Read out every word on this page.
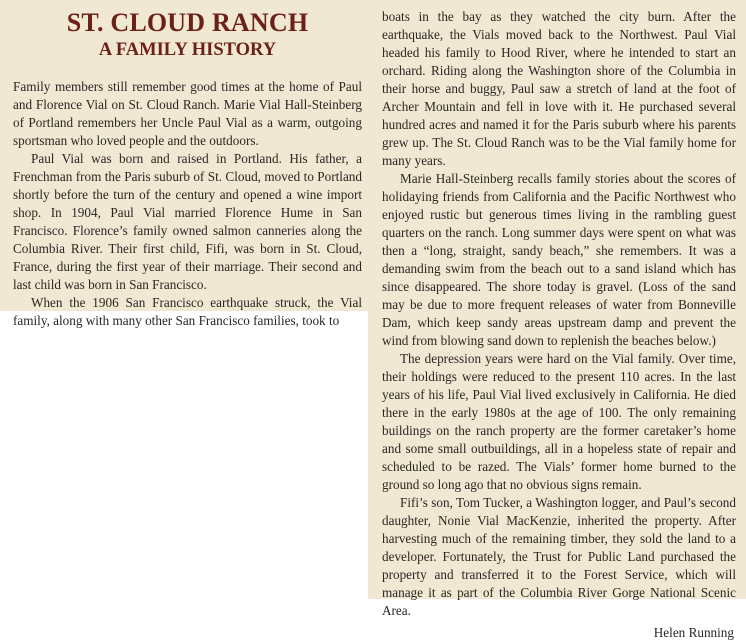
ST. CLOUD RANCH
A FAMILY HISTORY

Family members still remember good times at the home of Paul and Florence Vial on St. Cloud Ranch. Marie Vial Hall-Steinberg of Portland remembers her Uncle Paul Vial as a warm, outgoing sportsman who loved people and the outdoors.

Paul Vial was born and raised in Portland. His father, a Frenchman from the Paris suburb of St. Cloud, moved to Portland shortly before the turn of the century and opened a wine import shop. In 1904, Paul Vial married Florence Hume in San Francisco. Florence’s family owned salmon canneries along the Columbia River. Their first child, Fifi, was born in St. Cloud, France, during the first year of their marriage. Their second and last child was born in San Francisco.

When the 1906 San Francisco earthquake struck, the Vial family, along with many other San Francisco families, took to

boats in the bay as they watched the city burn. After the earthquake, the Vials moved back to the Northwest. Paul Vial headed his family to Hood River, where he intended to start an orchard. Riding along the Washington shore of the Columbia in their horse and buggy, Paul saw a stretch of land at the foot of Archer Mountain and fell in love with it. He purchased several hundred acres and named it for the Paris suburb where his parents grew up. The St. Cloud Ranch was to be the Vial family home for many years.

Marie Hall-Steinberg recalls family stories about the scores of holidaying friends from California and the Pacific Northwest who enjoyed rustic but generous times living in the rambling guest quarters on the ranch. Long summer days were spent on what was then a “long, straight, sandy beach,” she remembers. It was a demanding swim from the beach out to a sand island which has since disappeared. The shore today is gravel. (Loss of the sand may be due to more frequent releases of water from Bonneville Dam, which keep sandy areas upstream damp and prevent the wind from blowing sand down to replenish the beaches below.)

The depression years were hard on the Vial family. Over time, their holdings were reduced to the present 110 acres. In the last years of his life, Paul Vial lived exclusively in California. He died there in the early 1980s at the age of 100. The only remaining buildings on the ranch property are the former caretaker’s home and some small outbuildings, all in a hopeless state of repair and scheduled to be razed. The Vials’ former home burned to the ground so long ago that no obvious signs remain.

Fifi’s son, Tom Tucker, a Washington logger, and Paul’s second daughter, Nonie Vial MacKenzie, inherited the property. After harvesting much of the remaining timber, they sold the land to a developer. Fortunately, the Trust for Public Land purchased the property and transferred it to the Forest Service, which will manage it as part of the Columbia River Gorge National Scenic Area.

Helen Running
